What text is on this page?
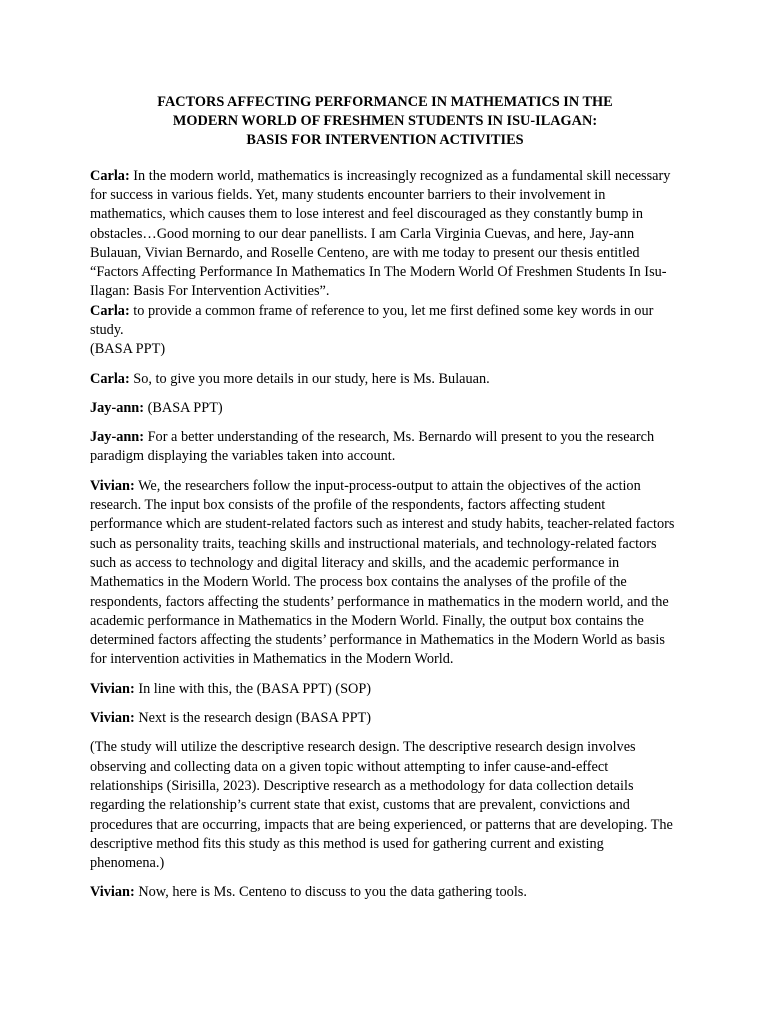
FACTORS AFFECTING PERFORMANCE IN MATHEMATICS IN THE
MODERN WORLD OF FRESHMEN STUDENTS IN ISU-ILAGAN:
BASIS FOR INTERVENTION ACTIVITIES

Carla: In the modern world, mathematics is increasingly recognized as a fundamental skill necessary for success in various fields. Yet, many students encounter barriers to their involvement in mathematics, which causes them to lose interest and feel discouraged as they constantly bump in obstacles…Good morning to our dear panellists. I am Carla Virginia Cuevas, and here, Jay-ann Bulauan, Vivian Bernardo, and Roselle Centeno, are with me today to present our thesis entitled “Factors Affecting Performance In Mathematics In The Modern World Of Freshmen Students In Isu-Ilagan: Basis For Intervention Activities”.

Carla: to provide a common frame of reference to you, let me first defined some key words in our study.

(BASA PPT)

Carla: So, to give you more details in our study, here is Ms. Bulauan.

Jay-ann: (BASA PPT)

Jay-ann: For a better understanding of the research, Ms. Bernardo will present to you the research paradigm displaying the variables taken into account.

Vivian: We, the researchers follow the input-process-output to attain the objectives of the action research. The input box consists of the profile of the respondents, factors affecting student performance which are student-related factors such as interest and study habits, teacher-related factors such as personality traits, teaching skills and instructional materials, and technology-related factors such as access to technology and digital literacy and skills, and the academic performance in Mathematics in the Modern World. The process box contains the analyses of the profile of the respondents, factors affecting the students’ performance in mathematics in the modern world, and the academic performance in Mathematics in the Modern World. Finally, the output box contains the determined factors affecting the students’ performance in Mathematics in the Modern World as basis for intervention activities in Mathematics in the Modern World.

Vivian: In line with this, the (BASA PPT) (SOP)

Vivian: Next is the research design (BASA PPT)

(The study will utilize the descriptive research design. The descriptive research design involves observing and collecting data on a given topic without attempting to infer cause-and-effect relationships (Sirisilla, 2023). Descriptive research as a methodology for data collection details regarding the relationship’s current state that exist, customs that are prevalent, convictions and procedures that are occurring, impacts that are being experienced, or patterns that are developing. The descriptive method fits this study as this method is used for gathering current and existing phenomena.)

Vivian: Now, here is Ms. Centeno to discuss to you the data gathering tools.
